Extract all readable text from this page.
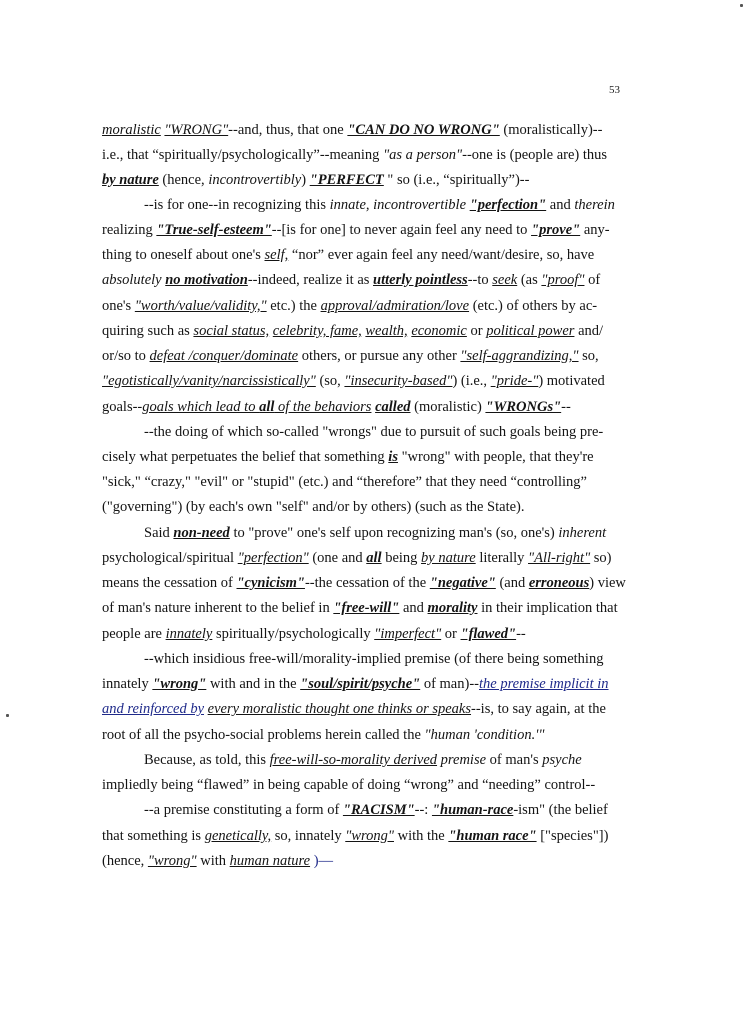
53
moralistic "WRONG"--and, thus, that one "CAN DO NO WRONG" (moralistically)--
i.e., that “spiritually/psychologically”--meaning "as a person"--one is (people are) thus
by nature (hence, incontrovertibly) "PERFECT " so (i.e., “spiritually”)--
--is for one--in recognizing this innate, incontrovertible "perfection" and therein
realizing "True-self-esteem"--[is for one] to never again feel any need to "prove" any-
thing to oneself about one's self, “nor” ever again feel any need/want/desire, so, have
absolutely no motivation--indeed, realize it as utterly pointless--to seek (as "proof" of
one's "worth/value/validity," etc.) the approval/admiration/love (etc.) of others by ac-
quiring such as social status, celebrity, fame, wealth, economic or political power and/
or/so to defeat /conquer/dominate others, or pursue any other "self-aggrandizing," so,
"egotistically/vanity/narcissistically" (so, "insecurity-based") (i.e., "pride-") motivated
goals--goals which lead to all of the behaviors called (moralistic) "WRONGs"--
--the doing of which so-called "wrongs" due to pursuit of such goals being pre-
cisely what perpetuates the belief that something is "wrong" with people, that they're
"sick," “crazy," "evil" or "stupid" (etc.) and “therefore” that they need “controlling”
("governing") (by each's own "self" and/or by others) (such as the State).
Said non-need to "prove" one's self upon recognizing man's (so, one's) inherent
psychological/spiritual "perfection" (one and all being by nature literally "All-right" so)
means the cessation of "cynicism"--the cessation of the "negative" (and erroneous) view
of man's nature inherent to the belief in "free-will" and morality in their implication that
people are innately spiritually/psychologically "imperfect" or "flawed"--
--which insidious free-will/morality-implied premise (of there being something
innately "wrong" with and in the "soul/spirit/psyche" of man)--the premise implicit in
and reinforced by every moralistic thought one thinks or speaks--is, to say again, at the
root of all the psycho-social problems herein called the "human 'condition.'"
Because, as told, this free-will-so-morality derived premise of man's psyche
impliedly being “flawed” in being capable of doing “wrong” and “needing” control--
--a premise constituting a form of "RACISM"--: "human-race-ism" (the belief
that something is genetically, so, innately "wrong" with the "human race" ["species"])
(hence, "wrong" with human nature )—
